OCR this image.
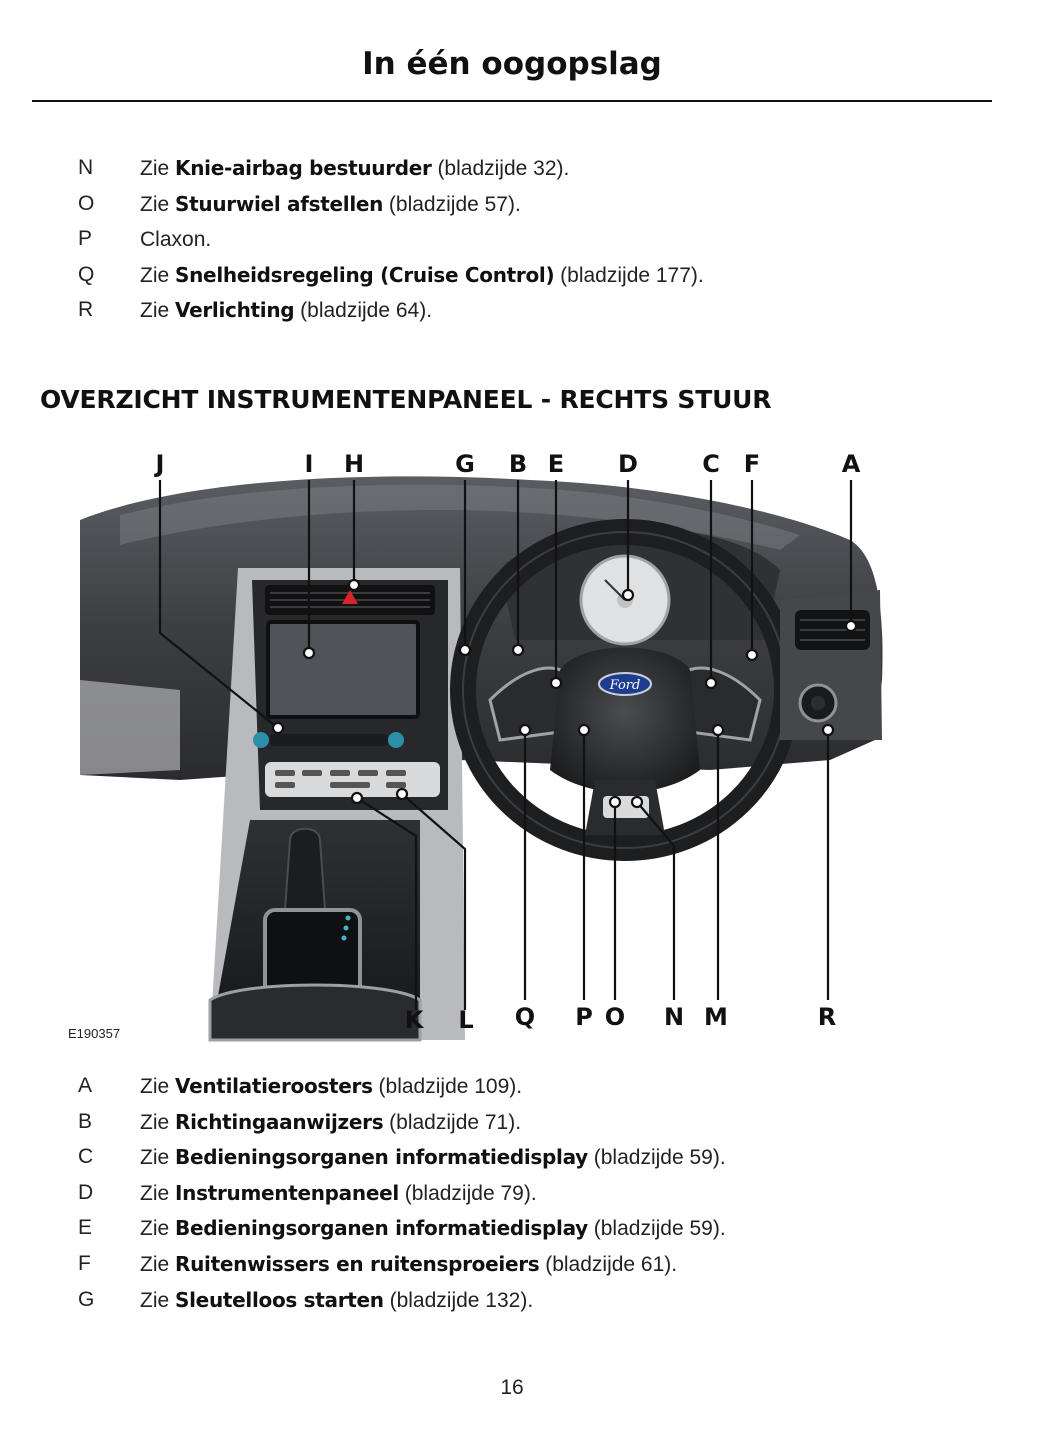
In één oogopslag
N Zie Knie-airbag bestuurder (bladzijde 32).
O Zie Stuurwiel afstellen (bladzijde 57).
P Claxon.
Q Zie Snelheidsregeling (Cruise Control) (bladzijde 177).
R Zie Verlichting (bladzijde 64).
OVERZICHT INSTRUMENTENPANEEL - RECHTS STUUR
Ford
J	I H	G B E D	C F	A
K L Q P O N M	R
E190357
A Zie Ventilatieroosters (bladzijde 109).
B Zie Richtingaanwijzers (bladzijde 71).
C Zie Bedieningsorganen informatiedisplay (bladzijde 59).
D Zie Instrumentenpaneel (bladzijde 79).
E Zie Bedieningsorganen informatiedisplay (bladzijde 59).
F	Zie Ruitenwissers en ruitensproeiers (bladzijde 61).
G Zie Sleutelloos starten (bladzijde 132).
16
